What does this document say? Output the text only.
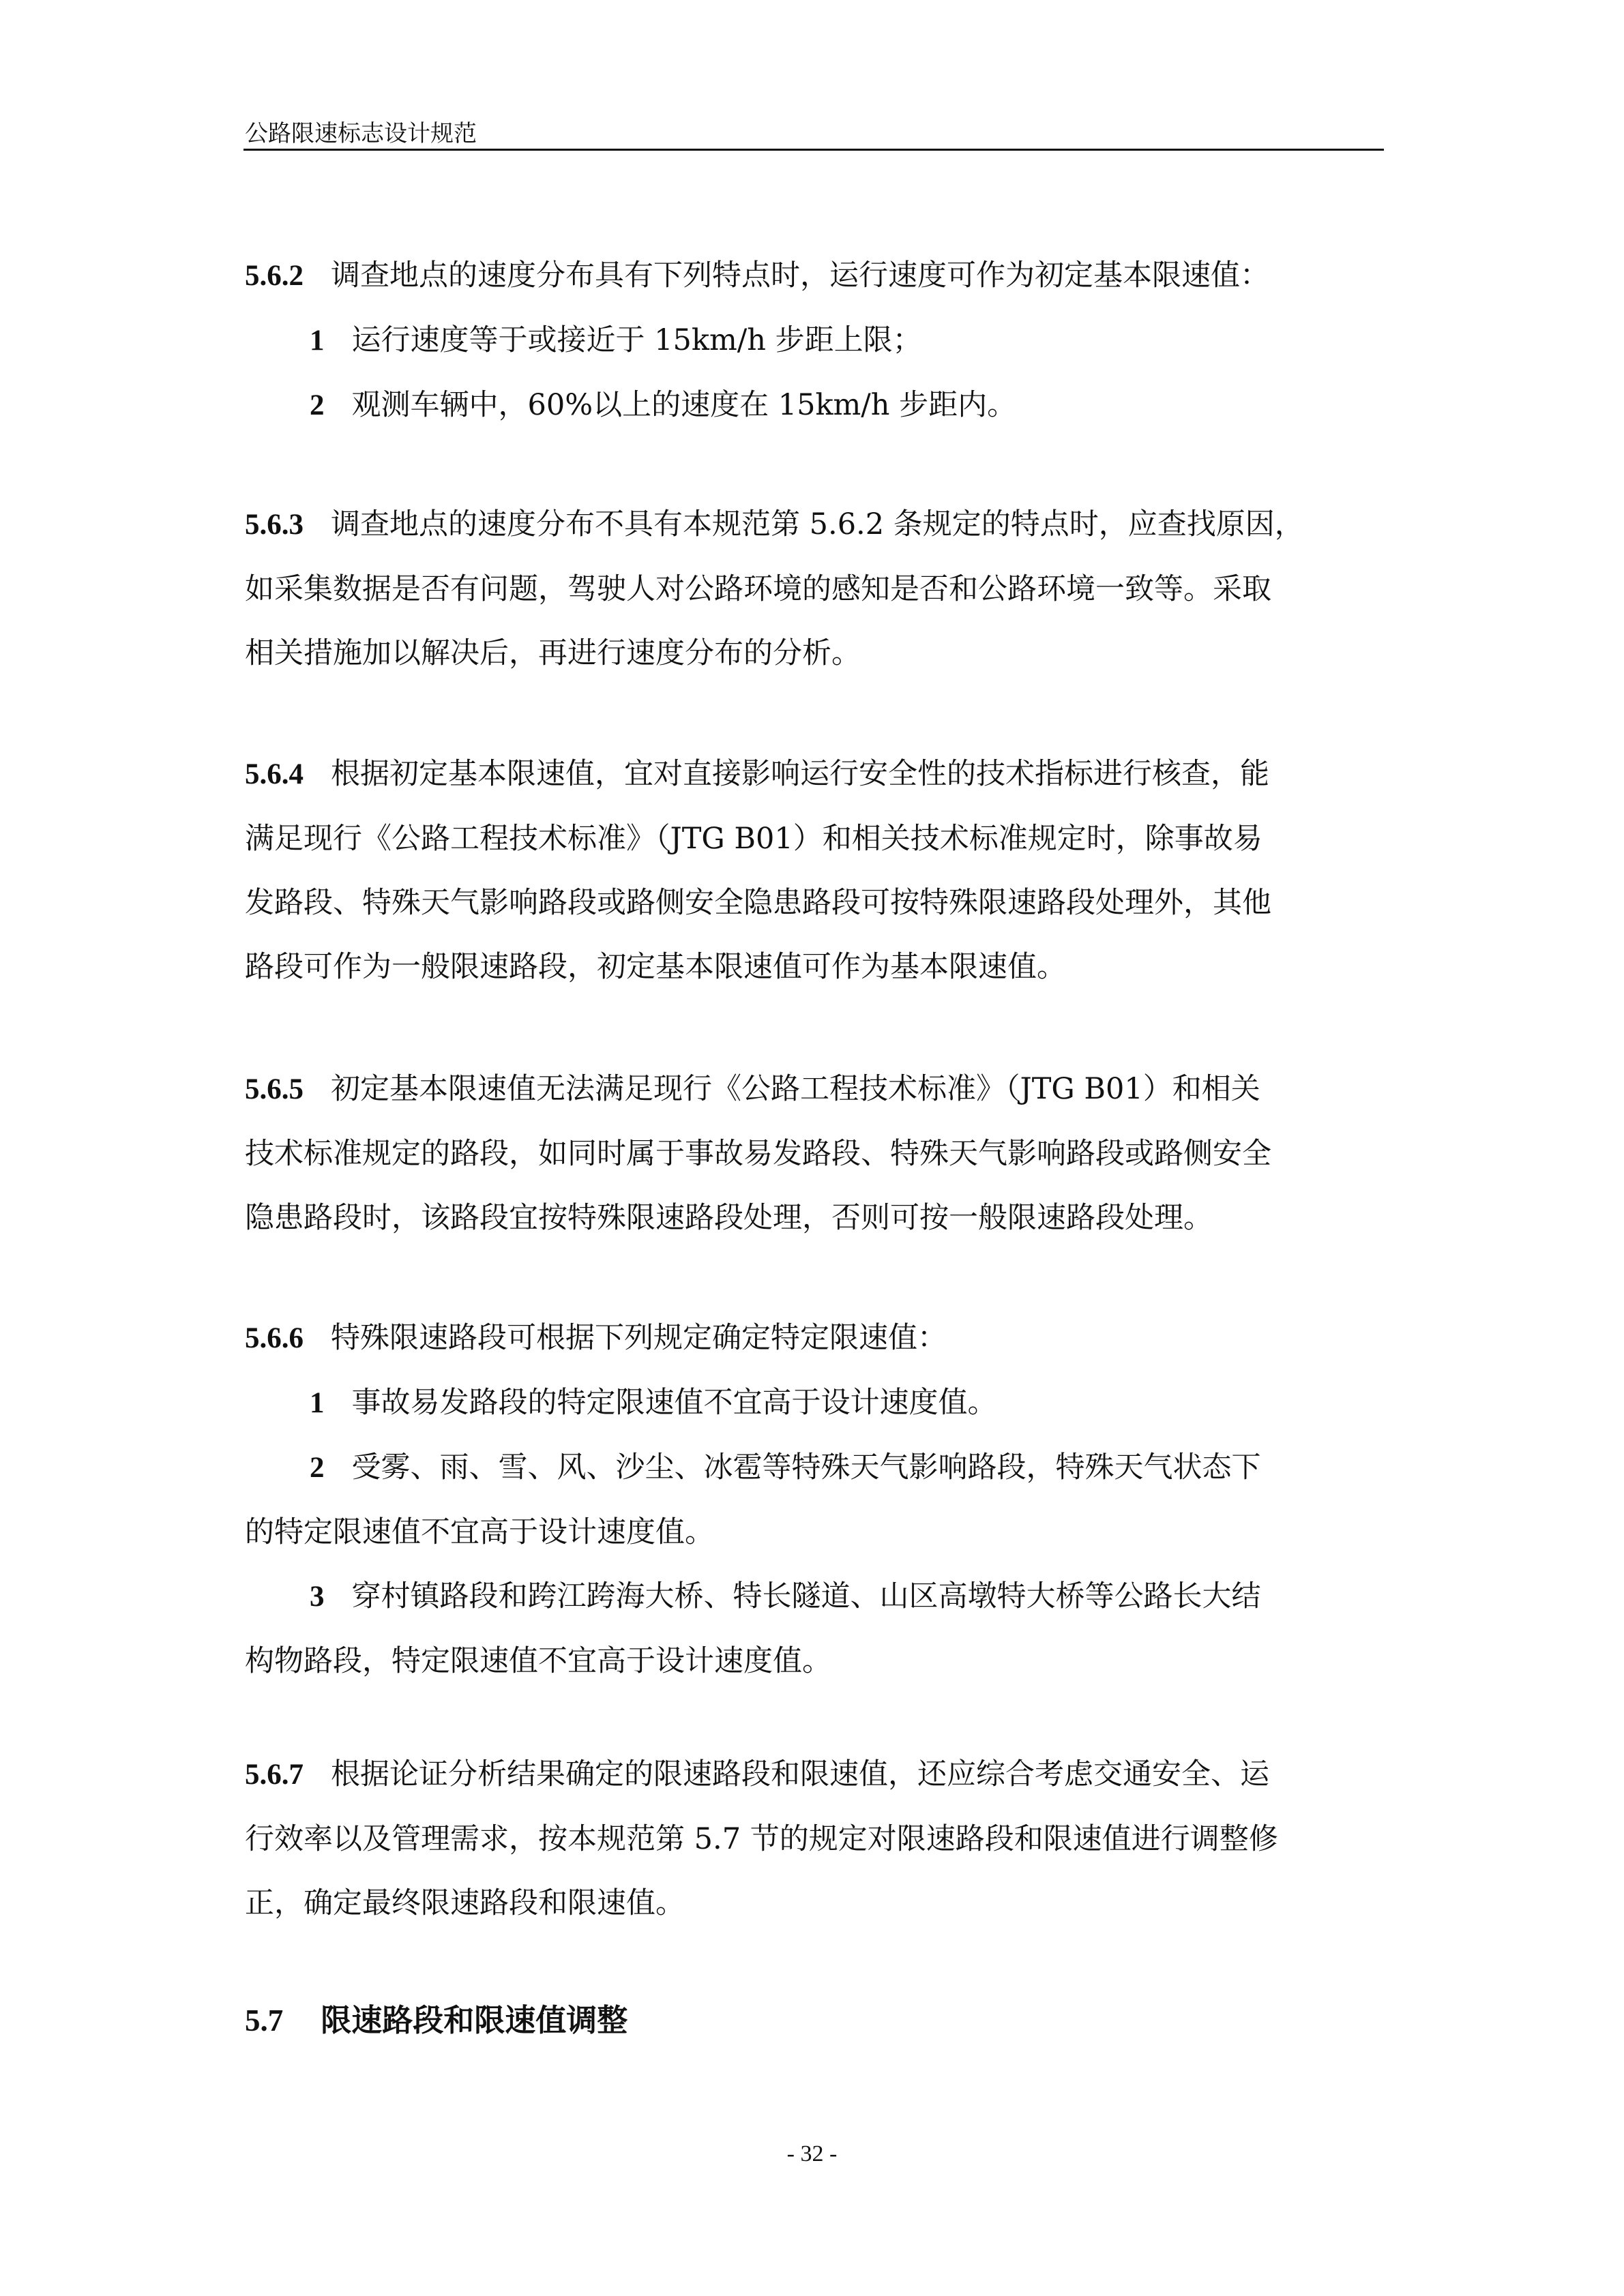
公路限速标志设计规范
5.6.2 调查地点的速度分布具有下列特点时，运行速度可作为初定基本限速值：
1 运行速度等于或接近于 15km/h 步距上限；
2 观测车辆中，60%以上的速度在 15km/h 步距内。
5.6.3 调查地点的速度分布不具有本规范第 5.6.2 条规定的特点时，应查找原因，
如采集数据是否有问题，驾驶人对公路环境的感知是否和公路环境一致等。采取
相关措施加以解决后，再进行速度分布的分析。
5.6.4 根据初定基本限速值，宜对直接影响运行安全性的技术指标进行核查，能
满足现行《公路工程技术标准》（JTG B01）和相关技术标准规定时，除事故易
发路段、特殊天气影响路段或路侧安全隐患路段可按特殊限速路段处理外，其他
路段可作为一般限速路段，初定基本限速值可作为基本限速值。
5.6.5 初定基本限速值无法满足现行《公路工程技术标准》（JTG B01）和相关
技术标准规定的路段，如同时属于事故易发路段、特殊天气影响路段或路侧安全
隐患路段时，该路段宜按特殊限速路段处理，否则可按一般限速路段处理。
5.6.6 特殊限速路段可根据下列规定确定特定限速值：
1 事故易发路段的特定限速值不宜高于设计速度值。
2 受雾、雨、雪、风、沙尘、冰雹等特殊天气影响路段，特殊天气状态下
的特定限速值不宜高于设计速度值。
3 穿村镇路段和跨江跨海大桥、特长隧道、山区高墩特大桥等公路长大结
构物路段，特定限速值不宜高于设计速度值。
5.6.7 根据论证分析结果确定的限速路段和限速值，还应综合考虑交通安全、运
行效率以及管理需求，按本规范第 5.7 节的规定对限速路段和限速值进行调整修
正，确定最终限速路段和限速值。
5.7 限速路段和限速值调整
- 32 -
